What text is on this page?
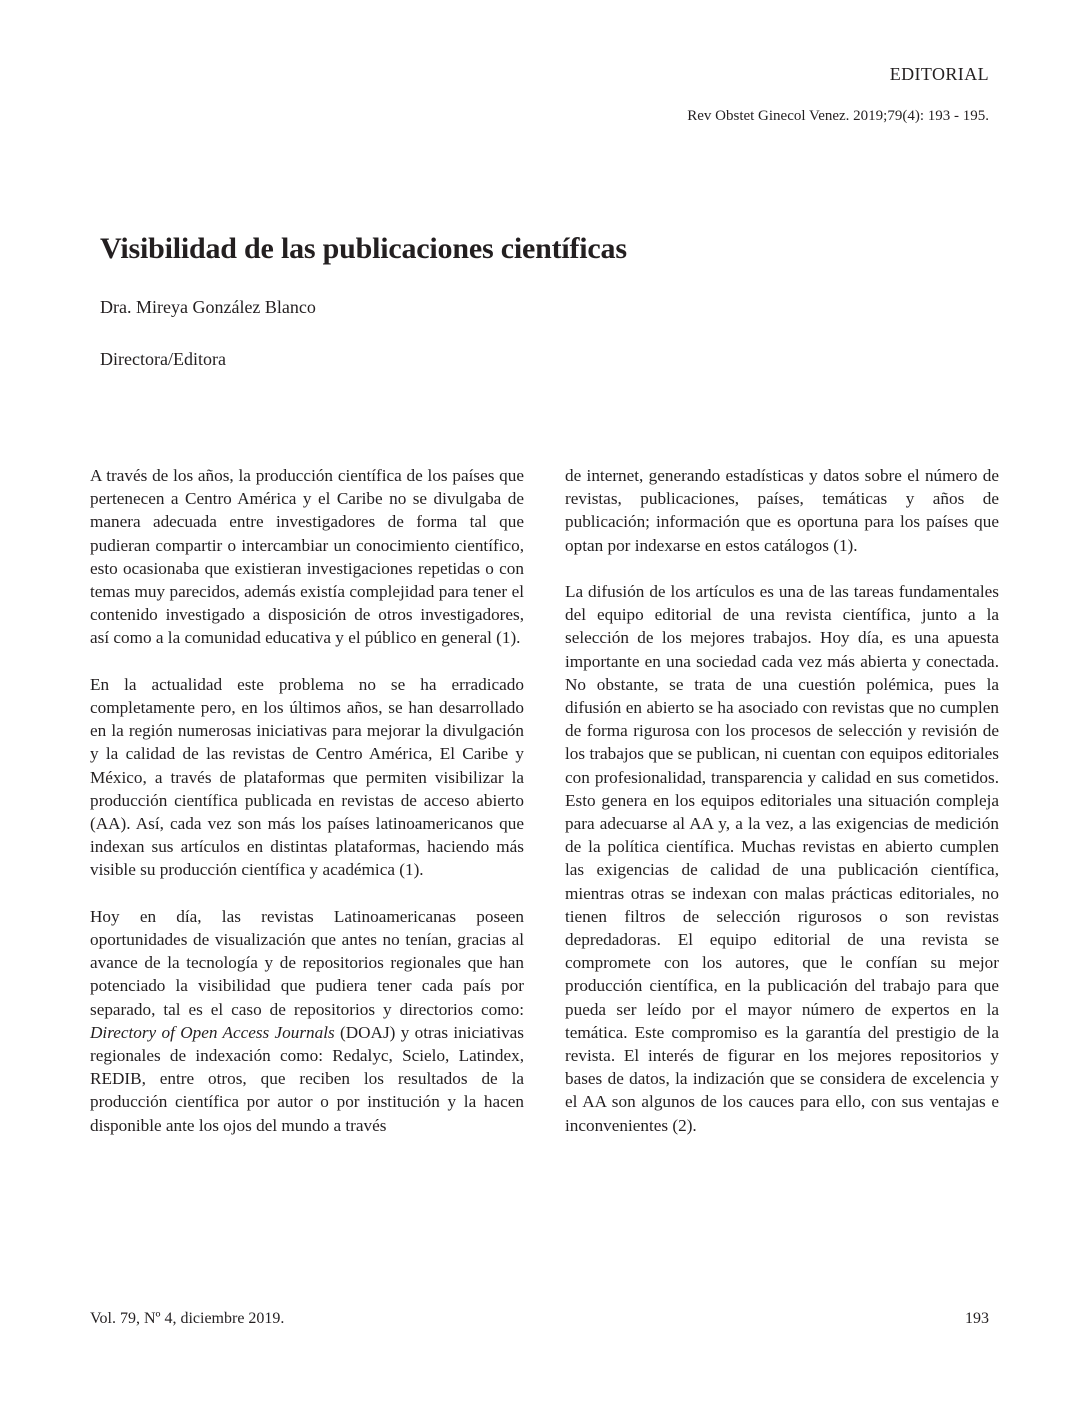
EDITORIAL
Rev Obstet Ginecol Venez. 2019;79(4): 193 - 195.
Visibilidad de las publicaciones científicas
Dra. Mireya González Blanco
Directora/Editora

A través de los años, la producción científica de los países que pertenecen a Centro América y el Caribe no se divulgaba de manera adecuada entre investigadores de forma tal que pudieran compartir o intercambiar un conocimiento científico, esto ocasionaba que existieran investigaciones repetidas o con temas muy parecidos, además existía complejidad para tener el contenido investigado a disposición de otros investigadores, así como a la comunidad educativa y el público en general (1).

En la actualidad este problema no se ha erradicado completamente pero, en los últimos años, se han desarrollado en la región numerosas iniciativas para mejorar la divulgación y la calidad de las revistas de Centro América, El Caribe y México, a través de plataformas que permiten visibilizar la producción científica publicada en revistas de acceso abierto (AA). Así, cada vez son más los países latinoamericanos que indexan sus artículos en distintas plataformas, haciendo más visible su producción científica y académica (1).

Hoy en día, las revistas Latinoamericanas poseen oportunidades de visualización que antes no tenían, gracias al avance de la tecnología y de repositorios regionales que han potenciado la visibilidad que pudiera tener cada país por separado, tal es el caso de repositorios y directorios como: Directory of Open Access Journals (DOAJ) y otras iniciativas regionales de indexación como: Redalyc, Scielo, Latindex, REDIB, entre otros, que reciben los resultados de la producción científica por autor o por institución y la hacen disponible ante los ojos del mundo a través

de internet, generando estadísticas y datos sobre el número de revistas, publicaciones, países, temáticas y años de publicación; información que es oportuna para los países que optan por indexarse en estos catálogos (1).

La difusión de los artículos es una de las tareas fundamentales del equipo editorial de una revista científica, junto a la selección de los mejores trabajos. Hoy día, es una apuesta importante en una sociedad cada vez más abierta y conectada. No obstante, se trata de una cuestión polémica, pues la difusión en abierto se ha asociado con revistas que no cumplen de forma rigurosa con los procesos de selección y revisión de los trabajos que se publican, ni cuentan con equipos editoriales con profesionalidad, transparencia y calidad en sus cometidos. Esto genera en los equipos editoriales una situación compleja para adecuarse al AA y, a la vez, a las exigencias de medición de la política científica. Muchas revistas en abierto cumplen las exigencias de calidad de una publicación científica, mientras otras se indexan con malas prácticas editoriales, no tienen filtros de selección rigurosos o son revistas depredadoras. El equipo editorial de una revista se compromete con los autores, que le confían su mejor producción científica, en la publicación del trabajo para que pueda ser leído por el mayor número de expertos en la temática. Este compromiso es la garantía del prestigio de la revista. El interés de figurar en los mejores repositorios y bases de datos, la indización que se considera de excelencia y el AA son algunos de los cauces para ello, con sus ventajas e inconvenientes (2).

Vol. 79, Nº 4, diciembre 2019.	193
